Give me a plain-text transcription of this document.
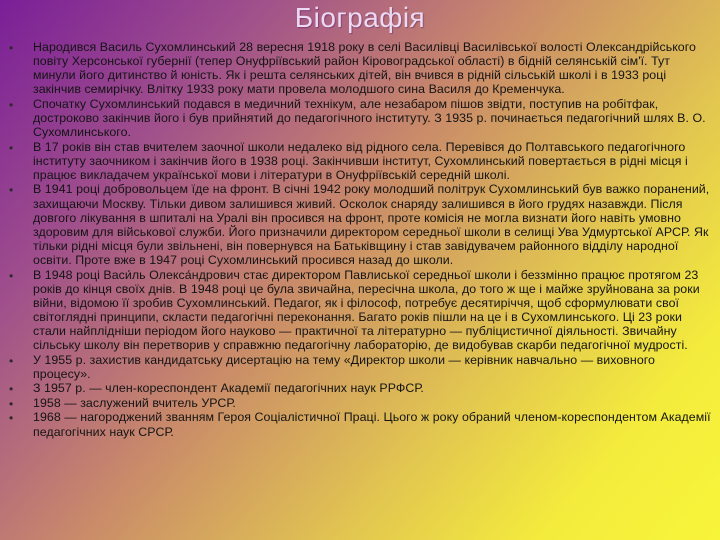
Біографія
• Народився Василь Сухомлинський 28 вересня 1918 року в селі Василівці Василівської волості Олександрійського повіту Херсонської губернії (тепер Онуфріївський район Кіровоградської області) в бідній селянській сім'ї. Тут минули його дитинство й юність. Як і решта селянських дітей, він вчився в рідній сільській школі і в 1933 році закінчив семирічку. Влітку 1933 року мати провела молодшого сина Василя до Кременчука.
• Спочатку Сухомлинський подався в медичний технікум, але незабаром пішов звідти, поступив на робітфак, достроково закінчив його і був прийнятий до педагогічного інституту. З 1935 р. починається педагогічний шлях В. О. Сухомлинського.
• В 17 років він став вчителем заочної школи недалеко від рідного села. Перевівся до Полтавського педагогічного інституту заочником і закінчив його в 1938 році. Закінчивши інститут, Сухомлинський повертається в рідні місця і працює викладачем української мови і літератури в Онуфріївській середній школі.
• В 1941 році добровольцем їде на фронт. В січні 1942 року молодший політрук Сухомлинський був важко поранений, захищаючи Москву. Тільки дивом залишився живий. Осколок снаряду залишився в його грудях назавжди. Після довгого лікування в шпиталі на Уралі він просився на фронт, проте комісія не могла визнати його навіть умовно здоровим для військової служби. Його призначили директором середньої школи в селищі Ува Удмуртської АРСР. Як тільки рідні місця були звільнені, він повернувся на Батьківщину і став завідувачем районного відділу народної освіти. Проте вже в 1947 році Сухомлинський просився назад до школи.
• В 1948 році Васи́ль Олекса́ндрович стає директором Павлиської середньої школи і беззмінно працює протягом 23 років до кінця своїх днів. В 1948 році це була звичайна, пересічна школа, до того ж ще і майже зруйнована за роки війни, відомою її зробив Сухомлинський. Педагог, як і філософ, потребує десятиріччя, щоб сформулювати свої світоглядні принципи, скласти педагогічні переконання. Багато років пішли на це і в Сухомлинського. Ці 23 роки стали найплідніши періодом його науково — практичної та літературно — публіцистичної діяльності. Звичайну сільську школу він перетворив у справжню педагогічну лабораторію, де видобував скарби педагогічної мудрості.
• У 1955 р. захистив кандидатську дисертацію на тему «Директор школи — керівник навчально — виховного процесу».
• З 1957 р. — член-кореспондент Академії педагогічних наук РРФСР.
• 1958 — заслужений вчитель УРСР.
• 1968 — нагороджений званням Героя Соціалістичної Праці. Цього ж року обраний членом-кореспондентом Академії педагогічних наук СРСР.
